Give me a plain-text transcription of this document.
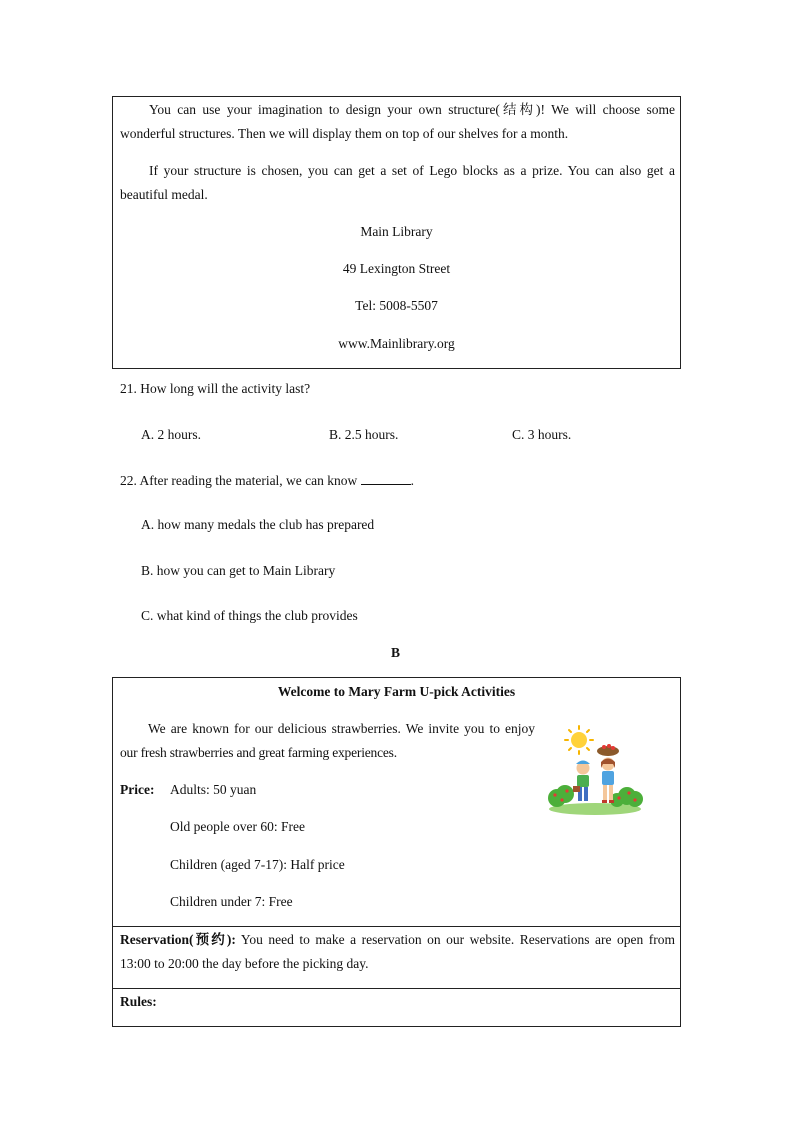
You can use your imagination to design your own structure(结构)! We will choose some
wonderful structures. Then we will display them on top of our shelves for a month.
If your structure is chosen, you can get a set of Lego blocks as a prize. You can also get a
beautiful medal.
Main Library
49 Lexington Street
Tel: 5008-5507
www.Mainlibrary.org
21. How long will the activity last?
A. 2 hours.	B. 2.5 hours.	C. 3 hours.
22. After reading the material, we can know	.
A. how many medals the club has prepared
B. how you can get to Main Library
C. what kind of things the club provides
B
Welcome to Mary Farm U-pick Activities
We are known for our delicious strawberries. We invite you to enjoy
our fresh strawberries and great farming experiences.
Price: Adults: 50 yuan
Old people over 60: Free
Children (aged 7-17): Half price
Children under 7: Free
Reservation(预约): You need to make a reservation on our website. Reservations are open from
13:00 to 20:00 the day before the picking day.
Rules:
